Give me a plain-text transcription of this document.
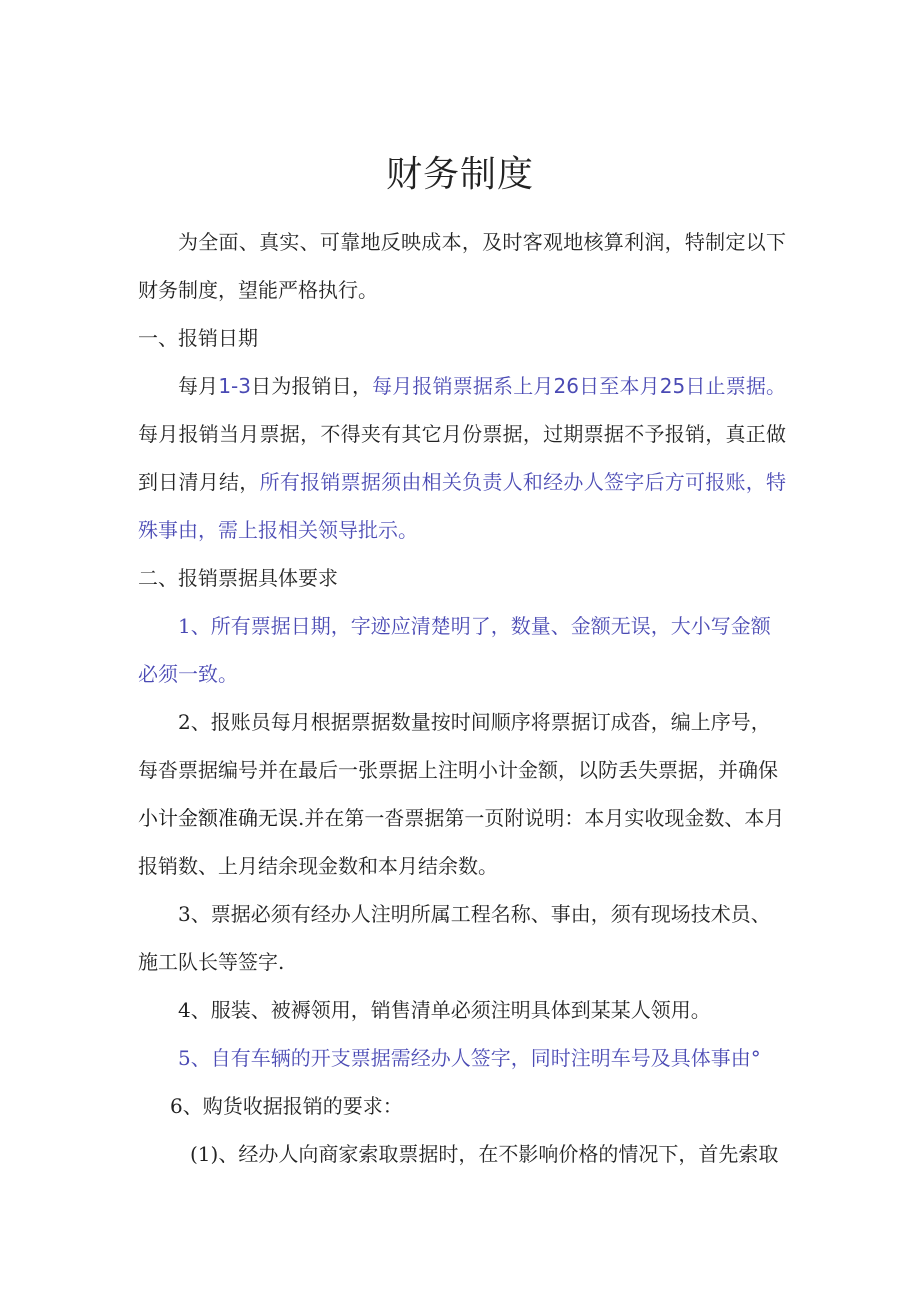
财务制度

为全面、真实、可靠地反映成本，及时客观地核算利润，特制定以下财务制度，望能严格执行。

一、报销日期

每月1-3日为报销日，每月报销票据系上月26日至本月25日止票据。每月报销当月票据，不得夹有其它月份票据，过期票据不予报销，真正做到日清月结，所有报销票据须由相关负责人和经办人签字后方可报账，特殊事由，需上报相关领导批示。

二、报销票据具体要求

1、所有票据日期，字迹应清楚明了，数量、金额无误，大小写金额必须一致。

2、报账员每月根据票据数量按时间顺序将票据订成沓，编上序号，每沓票据编号并在最后一张票据上注明小计金额，以防丢失票据，并确保小计金额准确无误.并在第一沓票据第一页附说明：本月实收现金数、本月报销数、上月结余现金数和本月结余数。

3、票据必须有经办人注明所属工程名称、事由，须有现场技术员、施工队长等签字.

4、服装、被褥领用，销售清单必须注明具体到某某人领用。

5、自有车辆的开支票据需经办人签字，同时注明车号及具体事由°

6、购货收据报销的要求：

(1)、经办人向商家索取票据时，在不影响价格的情况下，首先索取
